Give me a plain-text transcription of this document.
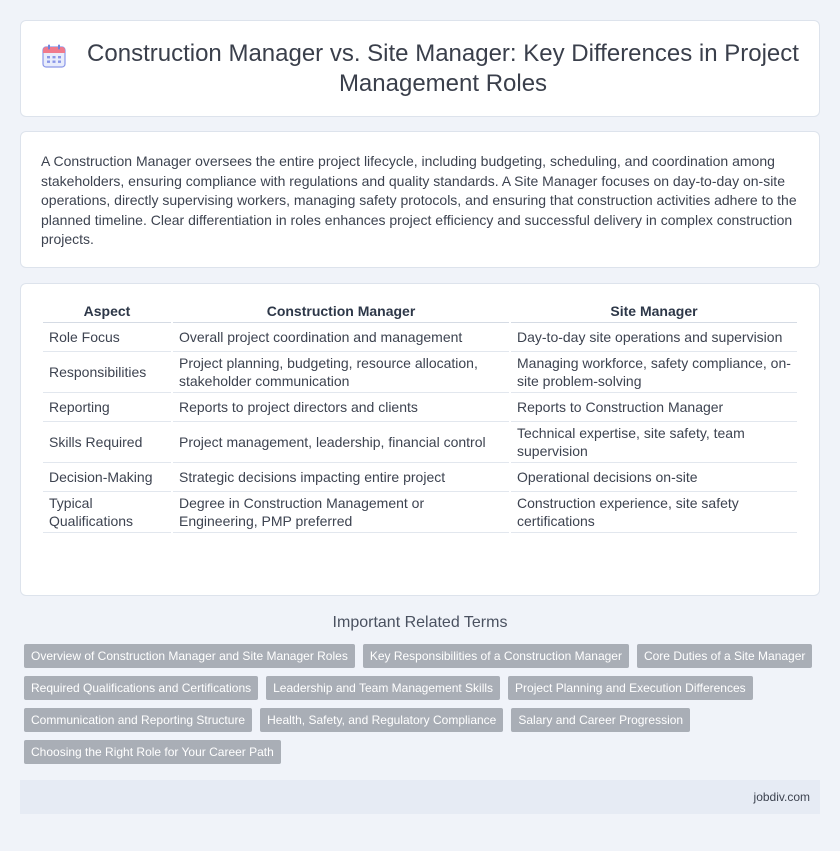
Construction Manager vs. Site Manager: Key Differences in Project Management Roles

A Construction Manager oversees the entire project lifecycle, including budgeting, scheduling, and coordination among stakeholders, ensuring compliance with regulations and quality standards. A Site Manager focuses on day-to-day on-site operations, directly supervising workers, managing safety protocols, and ensuring that construction activities adhere to the planned timeline. Clear differentiation in roles enhances project efficiency and successful delivery in complex construction projects.

Aspect	Construction Manager	Site Manager
Role Focus	Overall project coordination and management	Day-to-day site operations and supervision
Responsibilities	Project planning, budgeting, resource allocation, stakeholder communication	Managing workforce, safety compliance, on-site problem-solving
Reporting	Reports to project directors and clients	Reports to Construction Manager
Skills Required	Project management, leadership, financial control	Technical expertise, site safety, team supervision
Decision-Making	Strategic decisions impacting entire project	Operational decisions on-site
Typical Qualifications	Degree in Construction Management or Engineering, PMP preferred	Construction experience, site safety certifications
Important Related Terms
Overview of Construction Manager and Site Manager Roles	Key Responsibilities of a Construction Manager	Core Duties of a Site Manager
Required Qualifications and Certifications	Leadership and Team Management Skills	Project Planning and Execution Differences
Communication and Reporting Structure	Health, Safety, and Regulatory Compliance	Salary and Career Progression
Choosing the Right Role for Your Career Path
jobdiv.com
